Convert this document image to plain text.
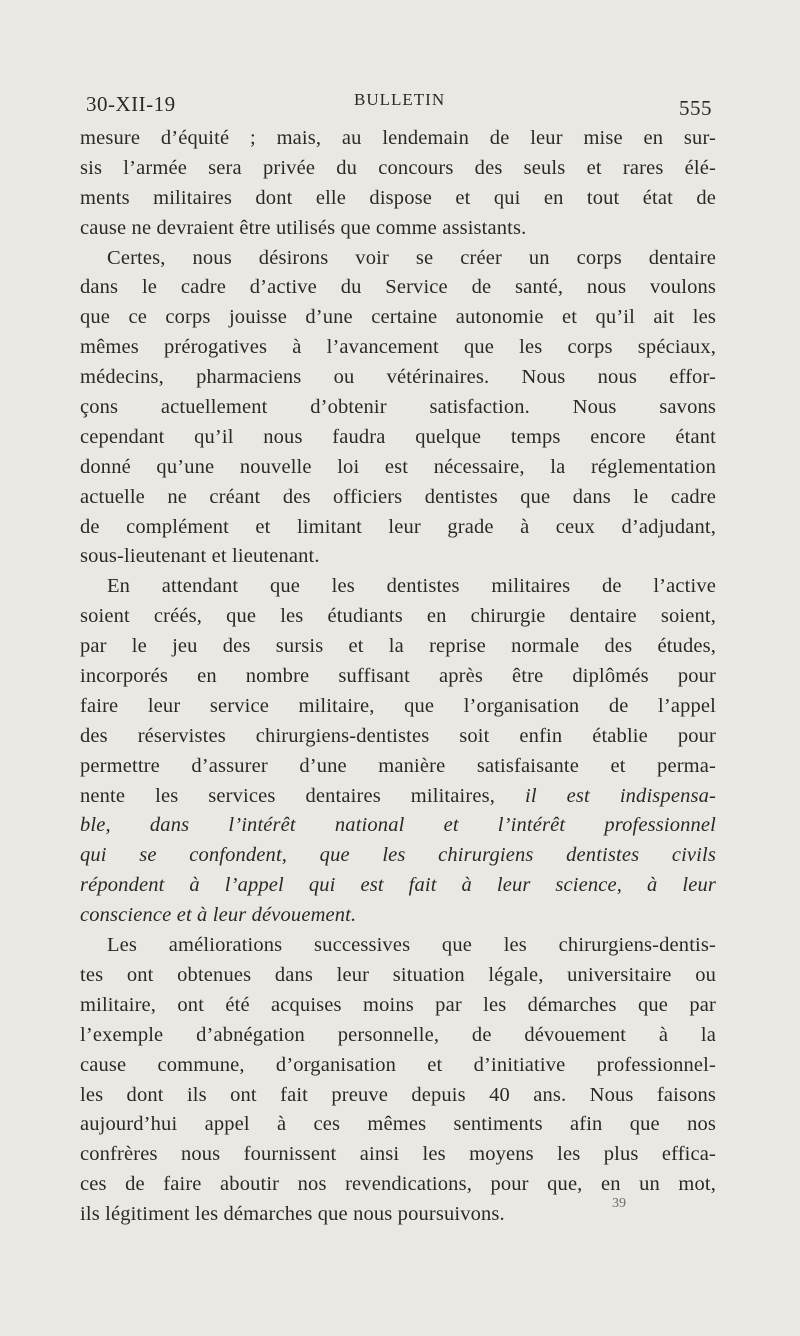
30-XII-19	BULLETIN	555
mesure d’équité ; mais, au lendemain de leur mise en sur-
sis l’armée sera privée du concours des seuls et rares élé-
ments militaires dont elle dispose et qui en tout état de
cause ne devraient être utilisés que comme assistants.
Certes, nous désirons voir se créer un corps dentaire
dans le cadre d’active du Service de santé, nous voulons
que ce corps jouisse d’une certaine autonomie et qu’il ait les
mêmes prérogatives à l’avancement que les corps spéciaux,
médecins, pharmaciens ou vétérinaires. Nous nous effor-
çons actuellement d’obtenir satisfaction. Nous savons
cependant qu’il nous faudra quelque temps encore étant
donné qu’une nouvelle loi est nécessaire, la réglementation
actuelle ne créant des officiers dentistes que dans le cadre
de complément et limitant leur grade à ceux d’adjudant,
sous-lieutenant et lieutenant.
En attendant que les dentistes militaires de l’active
soient créés, que les étudiants en chirurgie dentaire soient,
par le jeu des sursis et la reprise normale des études,
incorporés en nombre suffisant après être diplômés pour
faire leur service militaire, que l’organisation de l’appel
des réservistes chirurgiens-dentistes soit enfin établie pour
permettre d’assurer d’une manière satisfaisante et perma-
nente les services dentaires militaires, il est indispensa-
ble, dans l’intérêt national et l’intérêt professionnel
qui se confondent, que les chirurgiens dentistes civils
répondent à l’appel qui est fait à leur science, à leur
conscience et à leur dévouement.
Les améliorations successives que les chirurgiens-dentis-
tes ont obtenues dans leur situation légale, universitaire ou
militaire, ont été acquises moins par les démarches que par
l’exemple d’abnégation personnelle, de dévouement à la
cause commune, d’organisation et d’initiative professionnel-
les dont ils ont fait preuve depuis 40 ans. Nous faisons
aujourd’hui appel à ces mêmes sentiments afin que nos
confrères nous fournissent ainsi les moyens les plus effica-
ces de faire aboutir nos revendications, pour que, en un mot,
ils légitiment les démarches que nous poursuivons.	39
